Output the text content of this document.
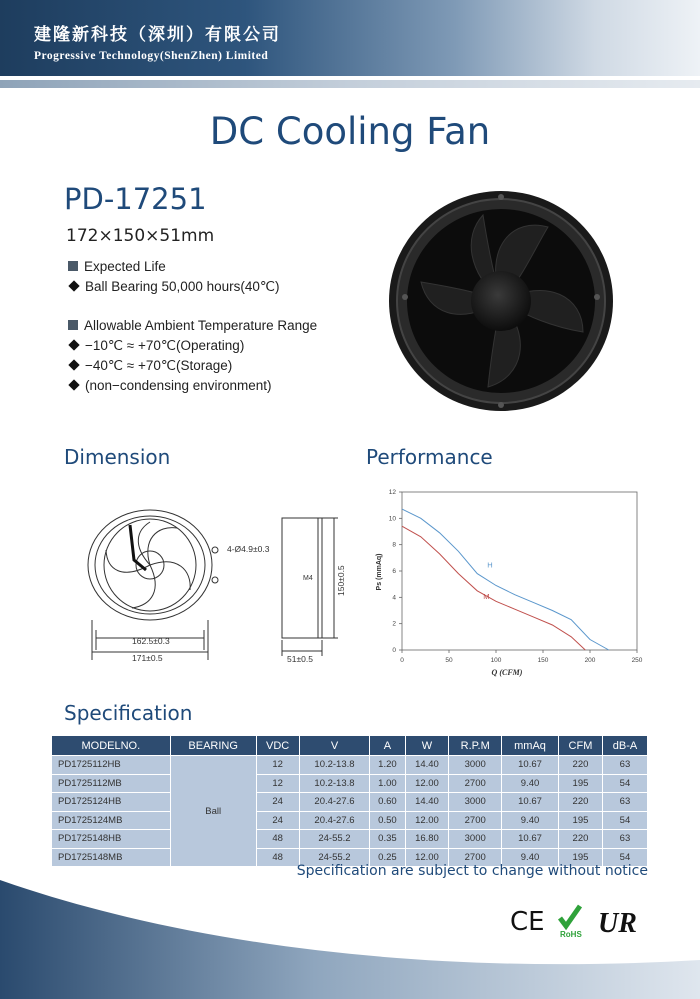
建隆新科技（深圳）有限公司
Progressive Technology(ShenZhen) Limited
DC Cooling Fan
PD-17251
172×150×51mm
Expected Life
Ball Bearing 50,000 hours(40℃)
Allowable Ambient Temperature Range
−10℃ ≈ +70℃(Operating)
−40℃ ≈ +70℃(Storage)
(non−condensing environment)
Dimension	Performance
4-Ø4.9±0.3
162.5±0.3
171±0.5	51±0.5
M4	150±0.5
0	50	100	150	200	250
0
2
4
6
8
10
12
H
M
Q (CFM)
Ps (mmAq)
Specification
MODELNO.	BEARING	VDC	V	A	W	R.P.M	mmAq	CFM	dB-A
PD1725112HB	Ball	12	10.2-13.8	1.20	14.40	3000	10.67	220	63
PD1725112MB		12	10.2-13.8	1.00	12.00	2700	9.40	195	54
PD1725124HB		24	20.4-27.6	0.60	14.40	3000	10.67	220	63
PD1725124MB		24	20.4-27.6	0.50	12.00	2700	9.40	195	54
PD1725148HB		48	24-55.2	0.35	16.80	3000	10.67	220	63
PD1725148MB		48	24-55.2	0.25	12.00	2700	9.40	195	54
Specification are subject to change without notice
CE RoHS UR
